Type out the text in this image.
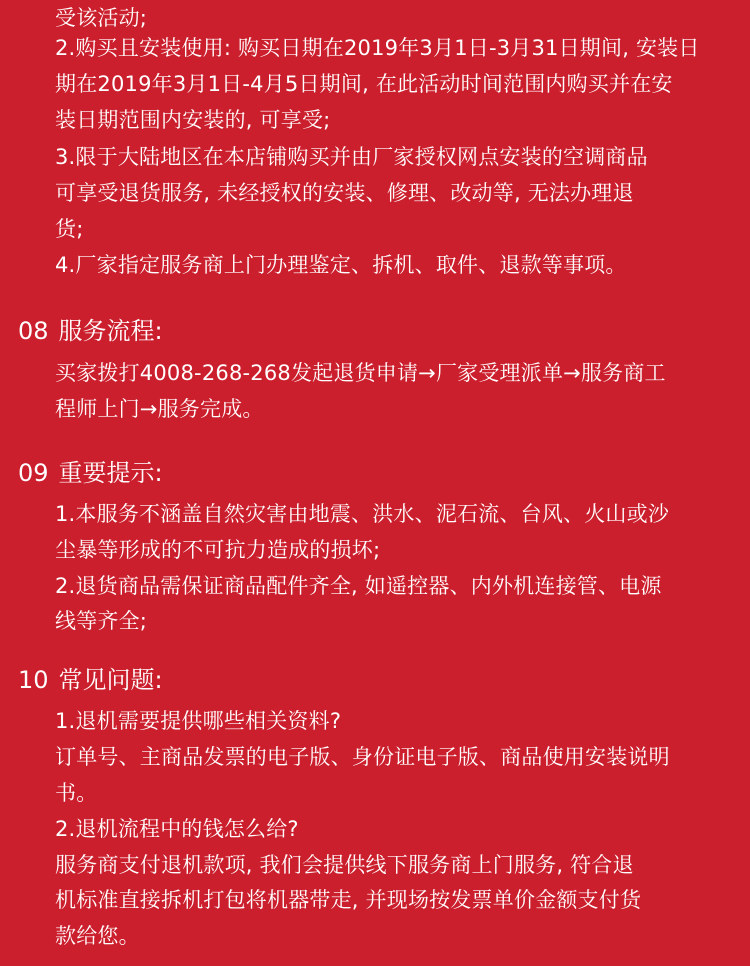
受该活动;
2.购买且安装使用: 购买日期在2019年3月1日-3月31日期间, 安装日
期在2019年3月1日-4月5日期间, 在此活动时间范围内购买并在安
装日期范围内安装的, 可享受;
3.限于大陆地区在本店铺购买并由厂家授权网点安装的空调商品
可享受退货服务, 未经授权的安装、修理、改动等, 无法办理退
货;
4.厂家指定服务商上门办理鉴定、拆机、取件、退款等事项。
08 服务流程:
买家拨打4008-268-268发起退货申请→厂家受理派单→服务商工
程师上门→服务完成。
09 重要提示:
1.本服务不涵盖自然灾害由地震、洪水、泥石流、台风、火山或沙
尘暴等形成的不可抗力造成的损坏;
2.退货商品需保证商品配件齐全, 如遥控器、内外机连接管、电源
线等齐全;
10 常见问题:
1.退机需要提供哪些相关资料?
订单号、主商品发票的电子版、身份证电子版、商品使用安装说明
书。
2.退机流程中的钱怎么给?
服务商支付退机款项, 我们会提供线下服务商上门服务, 符合退
机标准直接拆机打包将机器带走, 并现场按发票单价金额支付货
款给您。
